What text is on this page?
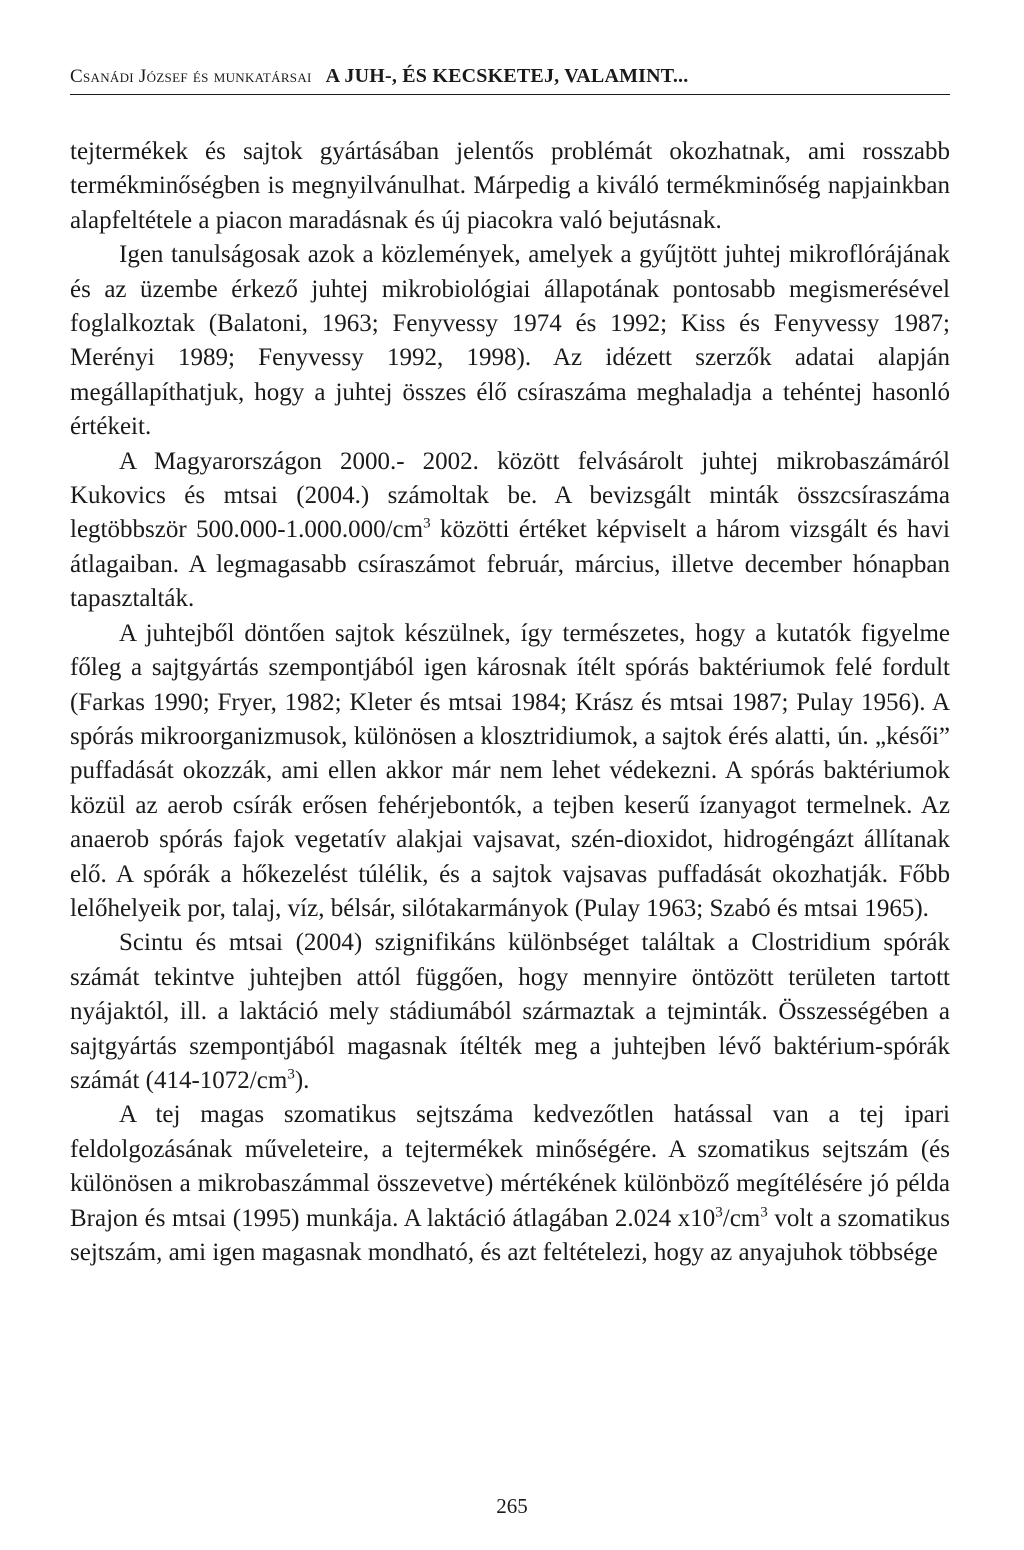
Csanádi József és munkatársai A JUH-, ÉS KECSKETEJ, VALAMINT...

tejtermékek és sajtok gyártásában jelentős problémát okozhatnak, ami rosszabb termékminőségben is megnyilvánulhat. Márpedig a kiváló termékminőség napjainkban alapfeltétele a piacon maradásnak és új piacokra való bejutásnak.

Igen tanulságosak azok a közlemények, amelyek a gyűjtött juhtej mikroflórájának és az üzembe érkező juhtej mikrobiológiai állapotának pontosabb megismerésével foglalkoztak (Balatoni, 1963; Fenyvessy 1974 és 1992; Kiss és Fenyvessy 1987; Merényi 1989; Fenyvessy 1992, 1998). Az idézett szerzők adatai alapján megállapíthatjuk, hogy a juhtej összes élő csíraszáma meghaladja a tehéntej hasonló értékeit.

A Magyarországon 2000.- 2002. között felvásárolt juhtej mikrobaszámáról Kukovics és mtsai (2004.) számoltak be. A bevizsgált minták összcsíraszáma legtöbbször $500.000-1.000.000/cm^3$ közötti értéket képviselt a három vizsgált és havi átlagaiban. A legmagasabb csíraszámot február, március, illetve december hónapban tapasztalták.

A juhtejből döntően sajtok készülnek, így természetes, hogy a kutatók figyelme főleg a sajtgyártás szempontjából igen károsnak ítélt spórás baktériumok felé fordult (Farkas 1990; Fryer, 1982; Kleter és mtsai 1984; Krász és mtsai 1987; Pulay 1956). A spórás mikroorganizmusok, különösen a klosztridiumok, a sajtok érés alatti, ún. „késői” puffadását okozzák, ami ellen akkor már nem lehet védekezni. A spórás baktériumok közül az aerob csírák erősen fehérjebontók, a tejben keserű ízanyagot termelnek. Az anaerob spórás fajok vegetatív alakjai vajsavat, szén-dioxidot, hidrogéngázt állítanak elő. A spórák a hőkezelést túlélik, és a sajtok vajsavas puffadását okozhatják. Főbb lelőhelyeik por, talaj, víz, bélsár, silótakarmányok (Pulay 1963; Szabó és mtsai 1965).

Scintu és mtsai (2004) szignifikáns különbséget találtak a Clostridium spórák számát tekintve juhtejben attól függően, hogy mennyire öntözött területen tartott nyájaktól, ill. a laktáció mely stádiumából származtak a tejminták. Összességében a sajtgyártás szempontjából magasnak ítélték meg a juhtejben lévő baktérium-spórák számát $(414-1072/cm^3)$.

A tej magas szomatikus sejtszáma kedvezőtlen hatással van a tej ipari feldolgozásának műveleteire, a tejtermékek minőségére. A szomatikus sejtszám (és különösen a mikrobaszámmal összevetve) mértékének különböző megítélésére jó példa Brajon és mtsai (1995) munkája. A laktáció átlagában 2.024 $x10^3/cm^3$ volt a szomatikus sejtszám, ami igen magasnak mondható, és azt feltételezi, hogy az anyajuhok többsége

265
